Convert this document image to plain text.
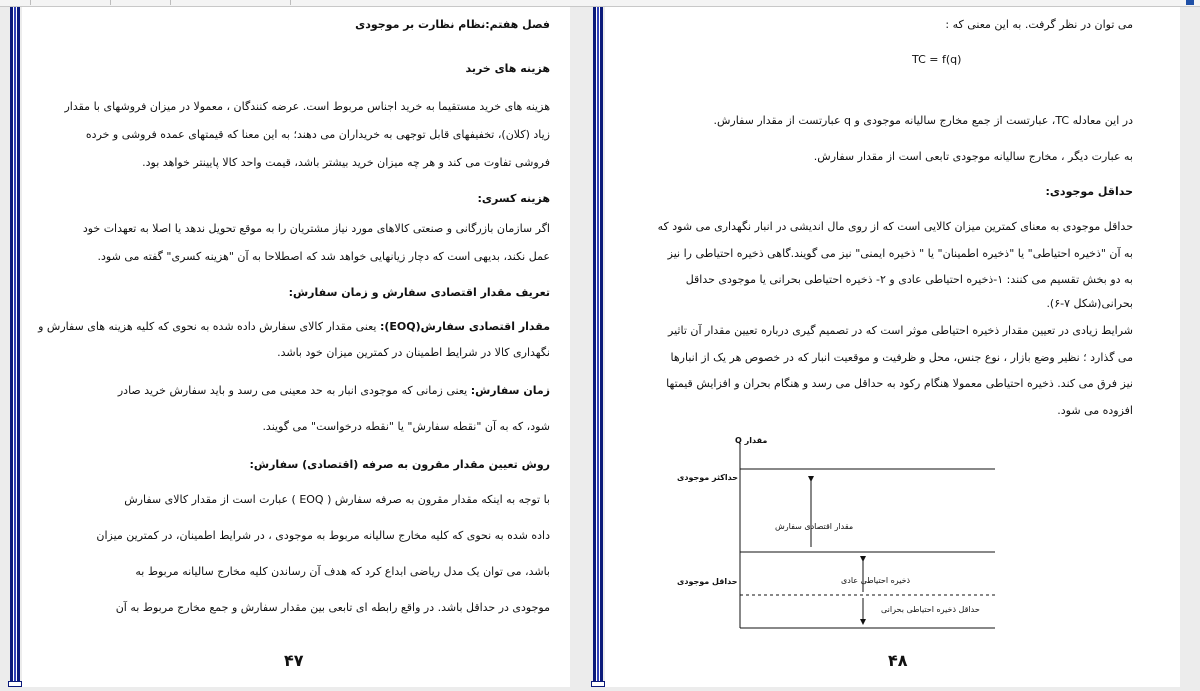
فصل هفتم:نظام نظارت بر موجودی
هزینه های خرید
هزینه های خرید مستقیما به خرید اجناس مربوط است. عرضه کنندگان ، معمولا در میزان فروشهای با مقدار
زیاد (کلان)، تخفیفهای قابل توجهی به خریداران می دهند؛ به این معنا که قیمتهای عمده فروشی و خرده
فروشی تفاوت می کند و هر چه میزان خرید بیشتر باشد، قیمت واحد کالا پایینتر خواهد بود.
هزینه کسری:
اگر سازمان بازرگانی و صنعتی کالاهای مورد نیاز مشتریان را به موقع تحویل ندهد یا اصلا به تعهدات خود
عمل نکند، بدیهی است که دچار زیانهایی خواهد شد که اصطلاحا به آن "هزینه کسری" گفته می شود.
تعریف مقدار اقتصادی سفارش و زمان سفارش:
مقدار اقتصادی سفارش(EOQ): یعنی مقدار کالای سفارش داده شده به نحوی که کلیه هزینه های سفارش و
نگهداری کالا در شرایط اطمینان در کمترین میزان خود باشد.
زمان سفارش: یعنی زمانی که موجودی انبار به حد معینی می رسد و باید سفارش خرید صادر
شود، که به آن "نقطه سفارش" یا "نقطه درخواست" می گویند.
روش تعیین مقدار مقرون به صرفه (اقتصادی) سفارش:
با توجه به اینکه مقدار مقرون به صرفه سفارش ( EOQ ) عبارت است از مقدار کالای سفارش
داده شده به نحوی که کلیه مخارج سالیانه مربوط به موجودی ، در شرایط اطمینان، در کمترین میزان
باشد، می توان یک مدل ریاضی ابداع کرد که هدف آن رساندن کلیه مخارج سالیانه مربوط به
موجودی در حداقل باشد. در واقع رابطه ای تابعی بین مقدار سفارش و جمع مخارج مربوط به آن
۴۷
می توان در نظر گرفت. به این معنی که :
TC = f(q)
در این معادله TC، عبارتست از جمع مخارج سالیانه موجودی و q عبارتست از مقدار سفارش.
به عبارت دیگر ، مخارج سالیانه موجودی تابعی است از مقدار سفارش.
حداقل موجودی:
حداقل موجودی به معنای کمترین میزان کالایی است که از روی مال اندیشی در انبار نگهداری می شود که
به آن "ذخیره احتیاطی" یا "ذخیره اطمینان" یا " ذخیره ایمنی" نیز می گویند.گاهی ذخیره احتیاطی را نیز
به دو بخش تقسیم می کنند: ۱-ذخیره احتیاطی عادی و ۲- ذخیره احتیاطی بحرانی یا موجودی حداقل
بحرانی(شکل ۷-۶).
شرایط زیادی در تعیین مقدار ذخیره احتیاطی موثر است که در تصمیم گیری درباره تعیین مقدار آن تاثیر
می گذارد ؛ نظیر وضع بازار ، نوع جنس، محل و ظرفیت و موقعیت انبار که در خصوص هر یک از انبارها
نیز فرق می کند. ذخیره احتیاطی معمولا هنگام رکود به حداقل می رسد و هنگام بحران و افزایش قیمتها
افزوده می شود.
مقدار Q
حداکثر موجودی
حداقل موجودی
مقدار اقتصادی سفارش
ذخیره احتیاطی عادی
حداقل ذخیره احتیاطی بحرانی
۴۸
